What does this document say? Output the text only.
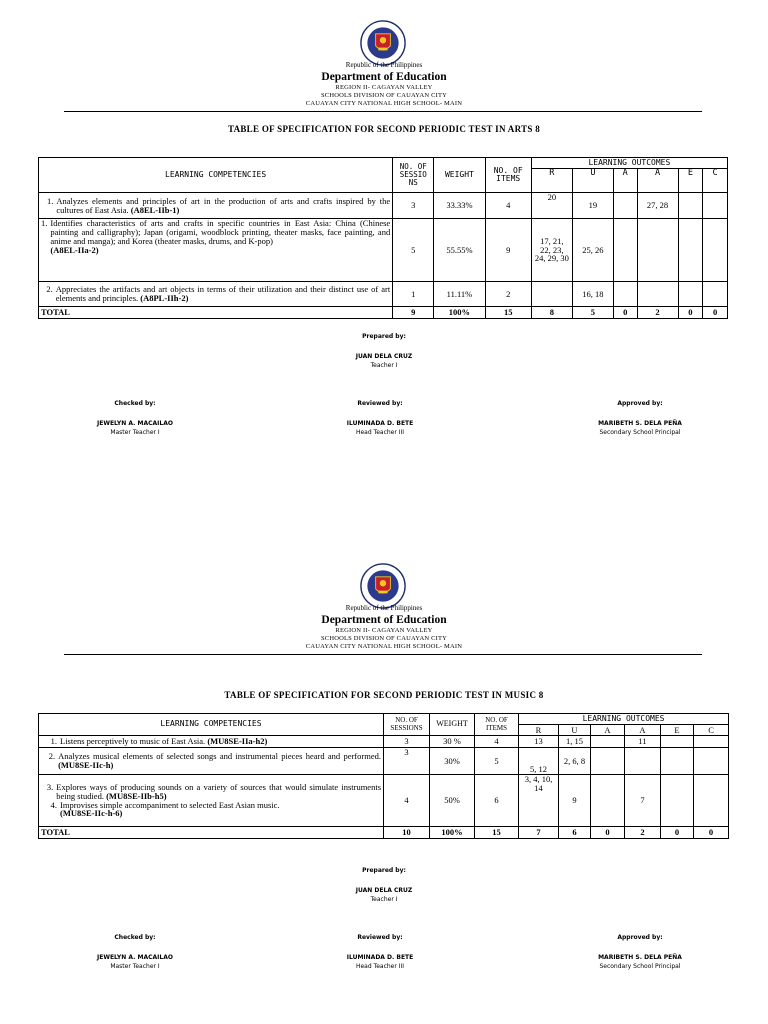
Republic of the Philippines
Department of Education
REGION II- CAGAYAN VALLEY
SCHOOLS DIVISION OF CAUAYAN CITY
CAUAYAN CITY NATIONAL HIGH SCHOOL- MAIN
TABLE OF SPECIFICATION FOR SECOND PERIODIC TEST IN ARTS 8
LEARNING COMPETENCIES	NO. OF SESSIO NS	WEIGHT	NO. OF ITEMS	LEARNING OUTCOMES					
				R	U	A	A	E	C

1. Analyzes elements and principles of art in the production of arts and crafts inspired by the cultures of East Asia. (A8EL-IIb-1)	3	33.33%	4	20	19		27, 28		

1. Identifies characteristics of arts and crafts in specific countries in East Asia: China (Chinese painting and calligraphy); Japan (origami, woodblock printing, theater masks, face painting, and anime and manga); and Korea (theater masks, drums, and K-pop)
(A8EL-IIa-2)	5	55.55%	9	17, 21, 22, 23, 24, 29, 30	25, 26				

2. Appreciates the artifacts and art objects in terms of their utilization and their distinct use of art elements and principles. (A8PL-IIh-2)	1	11.11%	2		16, 18				
TOTAL	9	100%	15	8	5	0	2	0	0
Prepared by:
JUAN DELA CRUZ
Teacher I
Checked by:
JEWELYN A. MACAILAO
Master Teacher I
Reviewed by:
ILUMINADA D. BETE
Head Teacher III
Approved by:
MARIBETH S. DELA PEÑA
Secondary School Principal
Republic of the Philippines
Department of Education
REGION II- CAGAYAN VALLEY
SCHOOLS DIVISION OF CAUAYAN CITY
CAUAYAN CITY NATIONAL HIGH SCHOOL- MAIN
TABLE OF SPECIFICATION FOR SECOND PERIODIC TEST IN MUSIC 8
LEARNING COMPETENCIES	NO. OF SESSIONS	WEIGHT	NO. OF ITEMS	LEARNING OUTCOMES					
				R	U	A	A	E	C

1. Listens perceptively to music of East Asia. (MU8SE-IIa-h2)	3	30 %	4	13	1, 15		11		

2. Analyzes musical elements of selected songs and instrumental pieces heard and performed. (MU8SE-IIc-h)	3	30%	5	5, 12	2, 6, 8				

3. Explores ways of producing sounds on a variety of sources that would simulate instruments being studied. (MU8SE-IIb-h5)
4. Improvises simple accompaniment to selected East Asian music.
(MU8SE-IIc-h-6)	4	50%	6	3, 4, 10, 14	9		7		
TOTAL	10	100%	15	7	6	0	2	0	0
Prepared by:
JUAN DELA CRUZ
Teacher I
Checked by:
JEWELYN A. MACAILAO
Master Teacher I
Reviewed by:
ILUMINADA D. BETE
Head Teacher III
Approved by:
MARIBETH S. DELA PEÑA
Secondary School Principal
